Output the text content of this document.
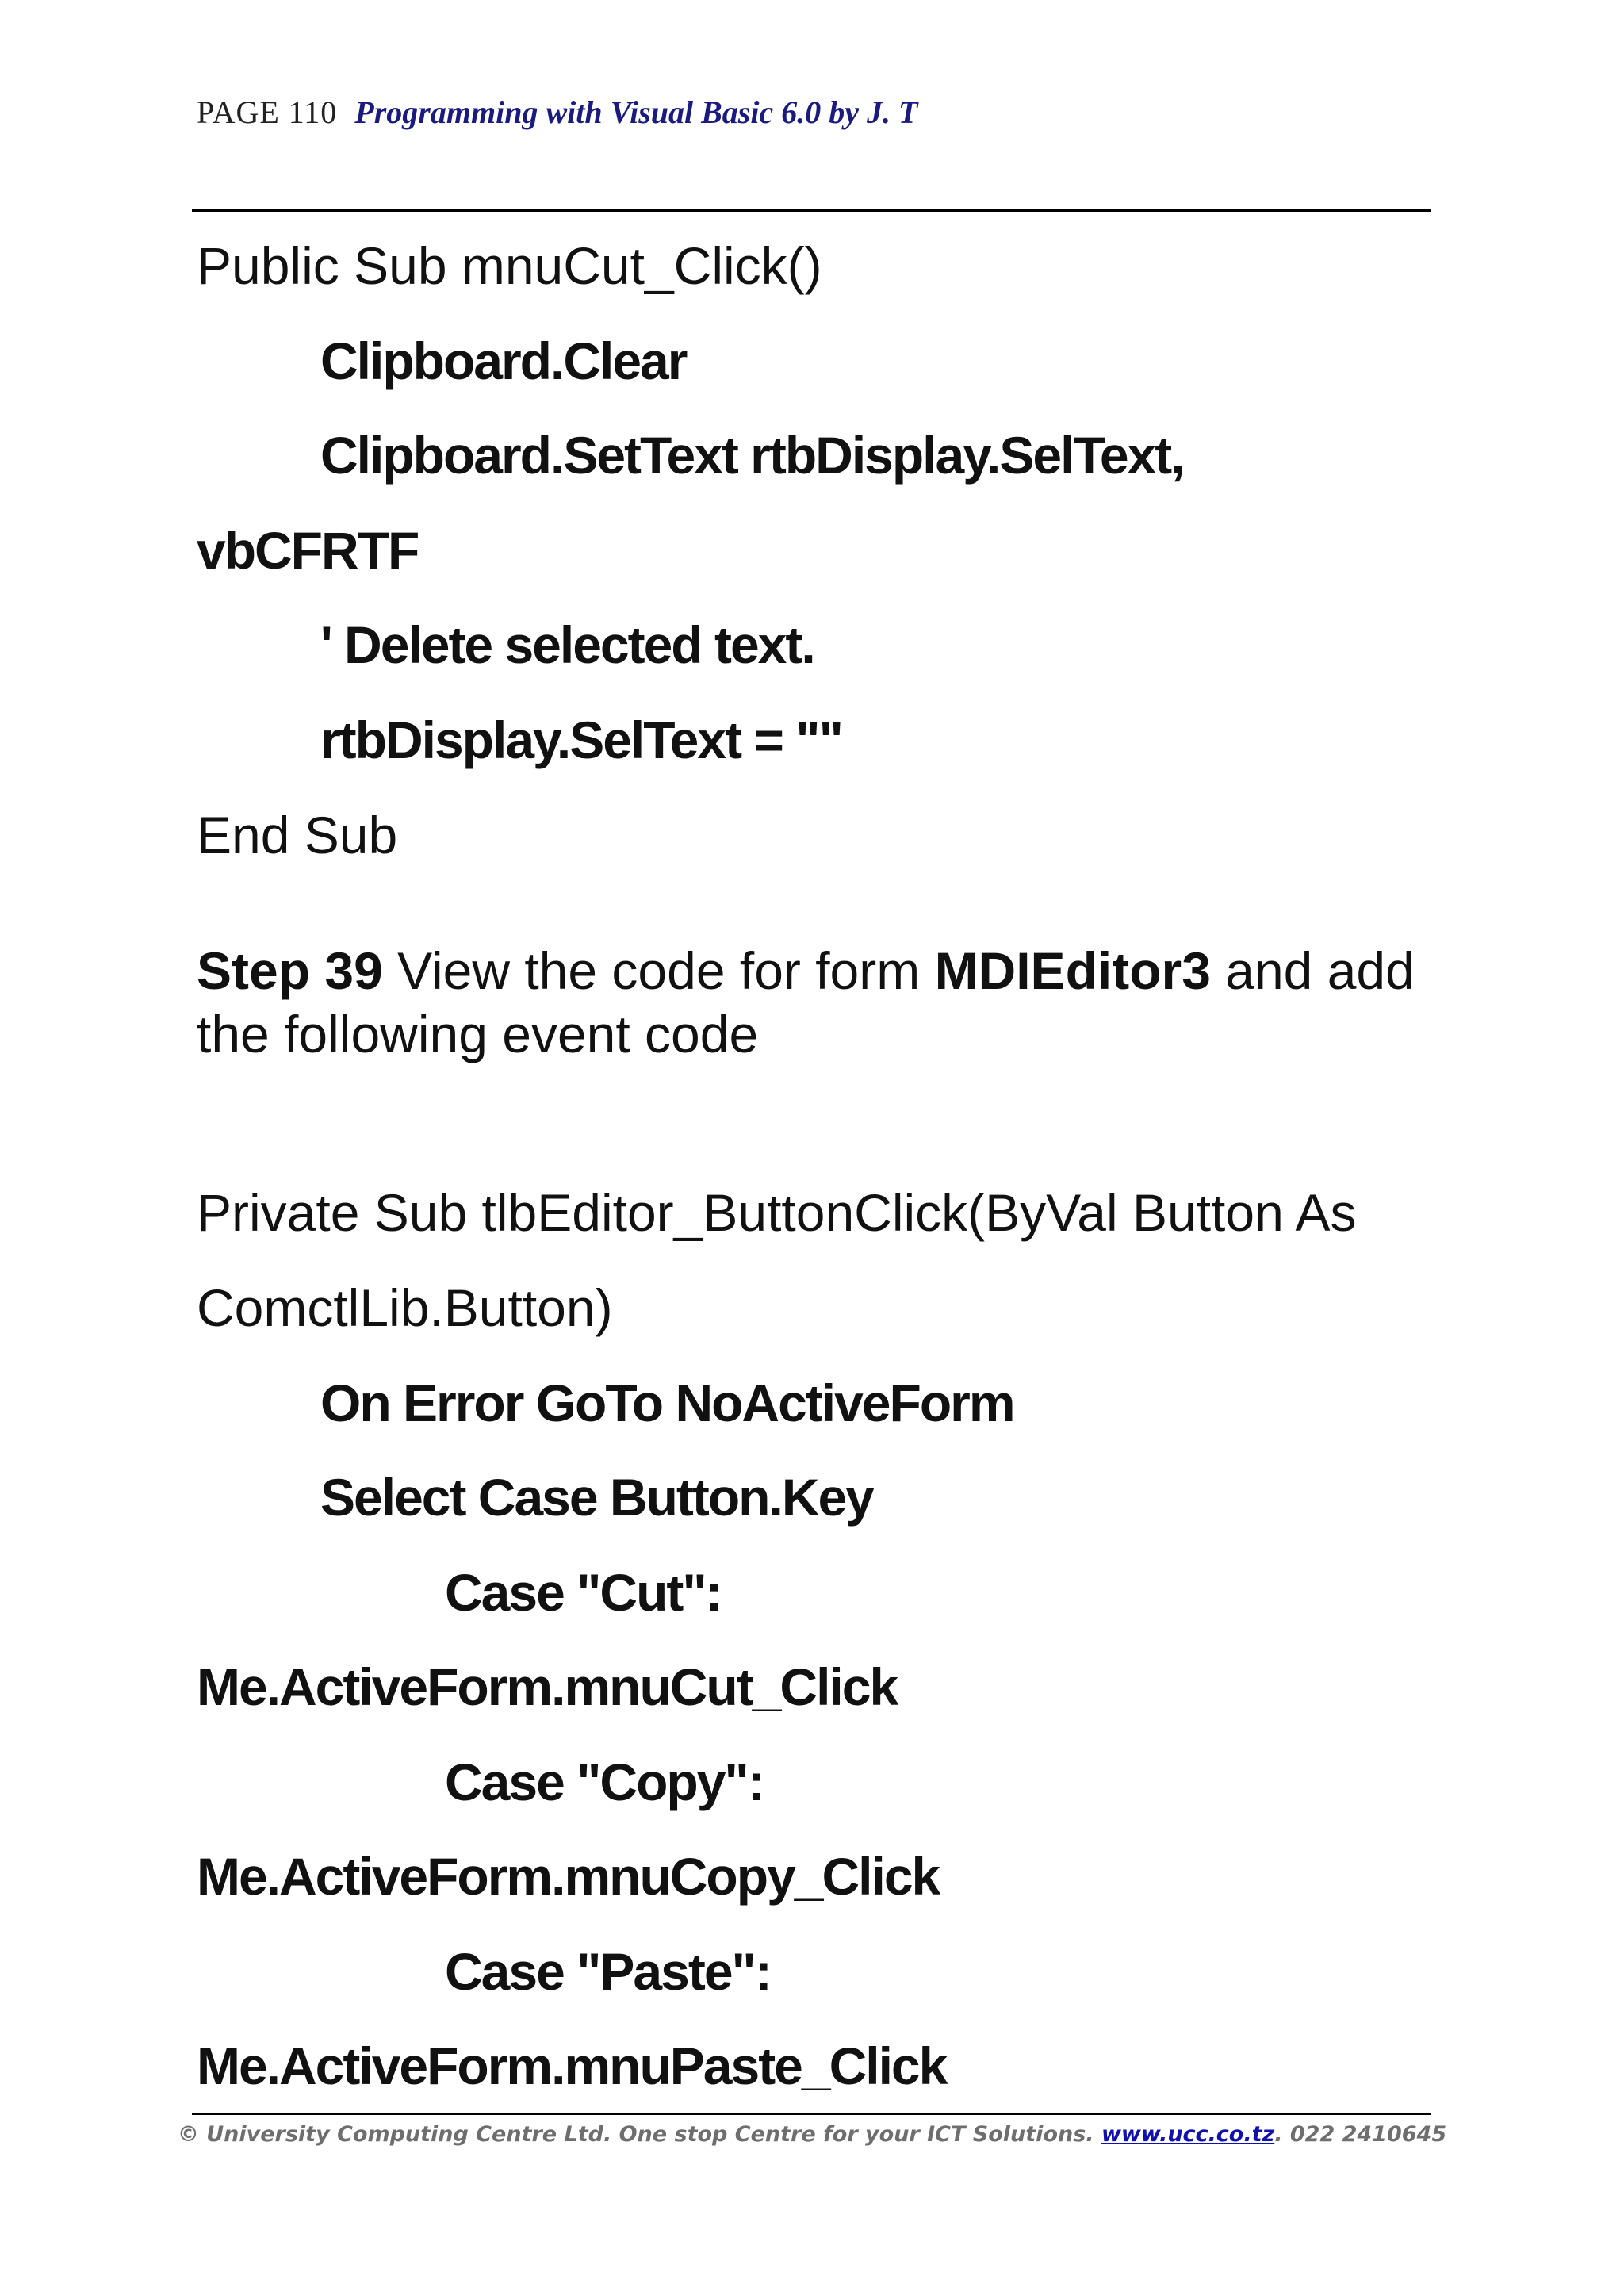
PAGE 110 Programming with Visual Basic 6.0 by J. T
Public Sub mnuCut_Click()
Clipboard.Clear
Clipboard.SetText rtbDisplay.SelText,
vbCFRTF
' Delete selected text.
rtbDisplay.SelText = ""
End Sub
Step 39 View the code for form MDIEditor3 and add the following event code
Private Sub tlbEditor_ButtonClick(ByVal Button As
ComctlLib.Button)
On Error GoTo NoActiveForm
Select Case Button.Key
Case "Cut":
Me.ActiveForm.mnuCut_Click
Case "Copy":
Me.ActiveForm.mnuCopy_Click
Case "Paste":
Me.ActiveForm.mnuPaste_Click
© University Computing Centre Ltd. One stop Centre for your ICT Solutions. www.ucc.co.tz. 022 2410645
